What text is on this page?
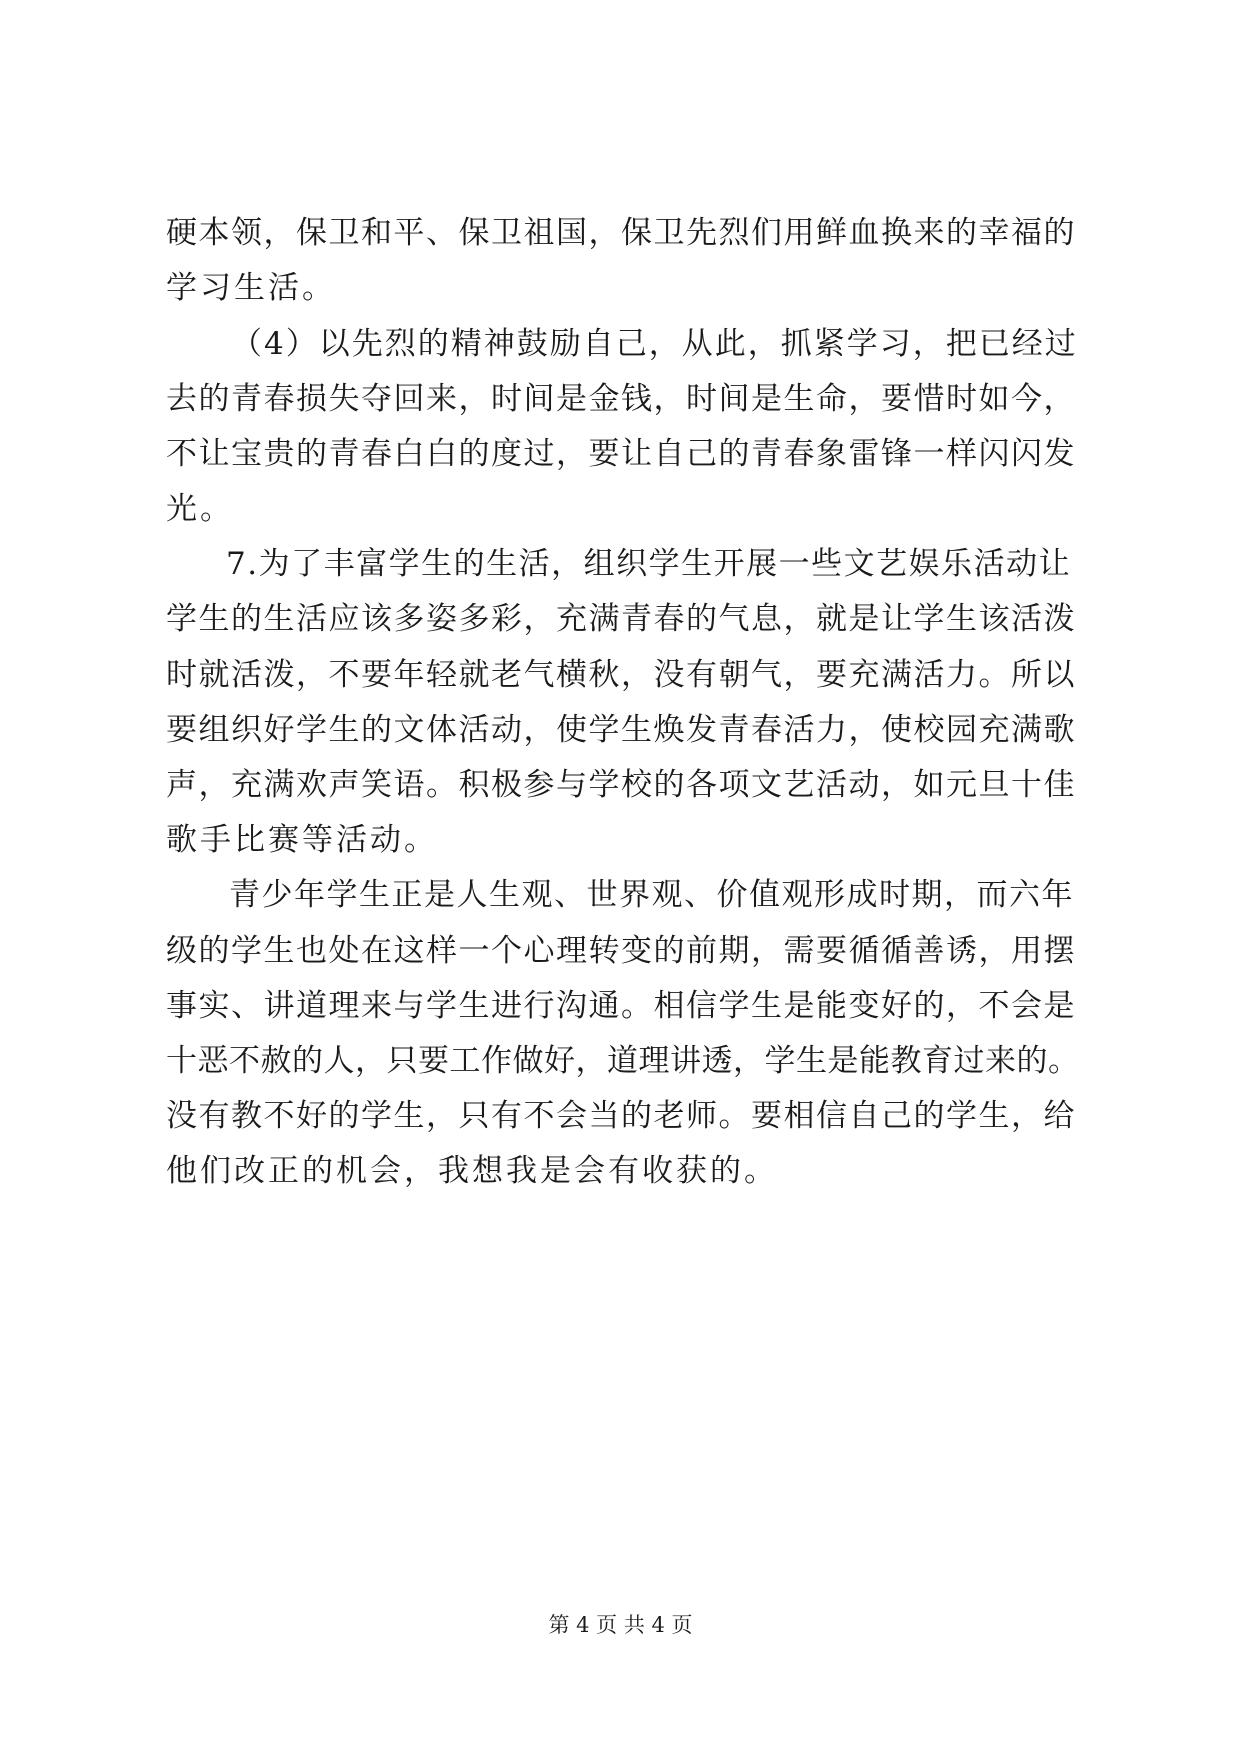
硬本领，保卫和平、保卫祖国，保卫先烈们用鲜血换来的幸福的
学习生活。
（4）以先烈的精神鼓励自己，从此，抓紧学习，把已经过
去的青春损失夺回来，时间是金钱，时间是生命，要惜时如今，
不让宝贵的青春白白的度过，要让自己的青春象雷锋一样闪闪发
光。
7.为了丰富学生的生活，组织学生开展一些文艺娱乐活动让
学生的生活应该多姿多彩，充满青春的气息，就是让学生该活泼
时就活泼，不要年轻就老气横秋，没有朝气，要充满活力。所以
要组织好学生的文体活动，使学生焕发青春活力，使校园充满歌
声，充满欢声笑语。积极参与学校的各项文艺活动，如元旦十佳
歌手比赛等活动。
青少年学生正是人生观、世界观、价值观形成时期，而六年
级的学生也处在这样一个心理转变的前期，需要循循善诱，用摆
事实、讲道理来与学生进行沟通。相信学生是能变好的，不会是
十恶不赦的人，只要工作做好，道理讲透，学生是能教育过来的。
没有教不好的学生，只有不会当的老师。要相信自己的学生，给
他们改正的机会，我想我是会有收获的。
第 4 页 共 4 页
